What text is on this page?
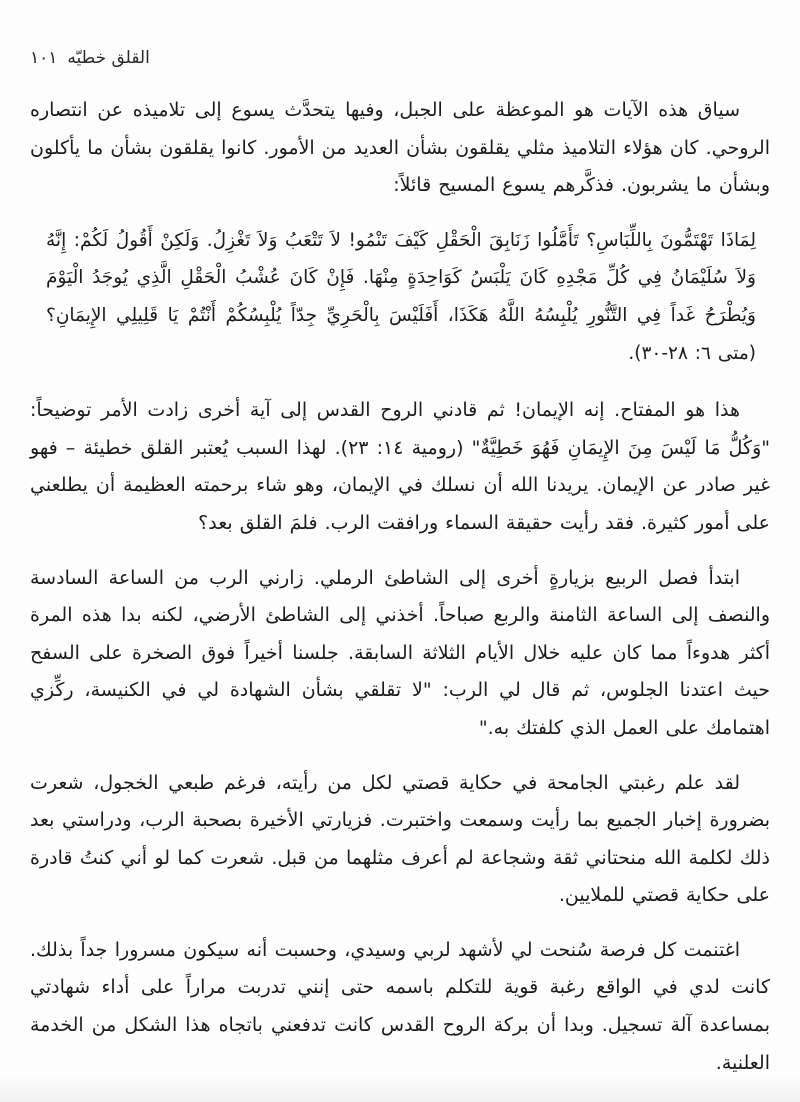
القلق خطيّه١٠١

سياق هذه الآيات هو الموعظة على الجبل، وفيها يتحدَّث يسوع إلى تلاميذه عن انتصاره الروحي. كان هؤلاء التلاميذ مثلي يقلقون بشأن العديد من الأمور. كانوا يقلقون بشأن ما يأكلون وبشأن ما يشربون. فذكَّرهم يسوع المسيح قائلاً:

لِمَاذَا تَهْتَمُّونَ بِاللِّبَاسِ؟ تَأَمَّلُوا زَنَابِقَ الْحَقْلِ كَيْفَ تَنْمُو! لاَ تَتْعَبُ وَلاَ تَغْزِلُ. وَلَكِنْ أَقُولُ لَكُمْ: إِنَّهُ وَلاَ سُلَيْمَانُ فِي كُلِّ مَجْدِهِ كَانَ يَلْبَسُ كَوَاحِدَةٍ مِنْهَا. فَإِنْ كَانَ عُشْبُ الْحَقْلِ الَّذِي يُوجَدُ الْيَوْمَ وَيُطْرَحُ غَداً فِي التَّنُّورِ يُلْبِسُهُ اللَّهُ هَكَذَا، أَفَلَيْسَ بِالْحَرِيِّ جِدّاً يُلْبِسُكُمْ أَنْتُمْ يَا قَلِيلِي الإِيمَانِ؟ (متى ٦: ٢٨-٣٠).

هذا هو المفتاح. إنه الإيمان! ثم قادني الروح القدس إلى آية أخرى زادت الأمر توضيحاً: "وَكُلُّ مَا لَيْسَ مِنَ الإِيمَانِ فَهُوَ خَطِيَّةٌ" (رومية ١٤: ٢٣). لهذا السبب يُعتبر القلق خطيئة – فهو غير صادر عن الإيمان. يريدنا الله أن نسلك في الإيمان، وهو شاء برحمته العظيمة أن يطلعني على أمور كثيرة. فقد رأيت حقيقة السماء ورافقت الرب. فلمَ القلق بعد؟

ابتدأ فصل الربيع بزيارةٍ أخرى إلى الشاطئ الرملي. زارني الرب من الساعة السادسة والنصف إلى الساعة الثامنة والربع صباحاً. أخذني إلى الشاطئ الأرضي، لكنه بدا هذه المرة أكثر هدوءاً مما كان عليه خلال الأيام الثلاثة السابقة. جلسنا أخيراً فوق الصخرة على السفح حيث اعتدنا الجلوس، ثم قال لي الرب: "لا تقلقي بشأن الشهادة لي في الكنيسة، ركِّزي اهتمامك على العمل الذي كلفتك به."

لقد علم رغبتي الجامحة في حكاية قصتي لكل من رأيته، فرغم طبعي الخجول، شعرت بضرورة إخبار الجميع بما رأيت وسمعت واختبرت. فزيارتي الأخيرة بصحبة الرب، ودراستي بعد ذلك لكلمة الله منحتاني ثقة وشجاعة لم أعرف مثلهما من قبل. شعرت كما لو أني كنتُ قادرة على حكاية قصتي للملايين.

اغتنمت كل فرصة سُنحت لي لأشهد لربي وسيدي، وحسبت أنه سيكون مسرورا جداً بذلك. كانت لدي في الواقع رغبة قوية للتكلم باسمه حتى إنني تدربت مراراً على أداء شهادتي بمساعدة آلة تسجيل. وبدا أن بركة الروح القدس كانت تدفعني باتجاه هذا الشكل من الخدمة العلنية.
